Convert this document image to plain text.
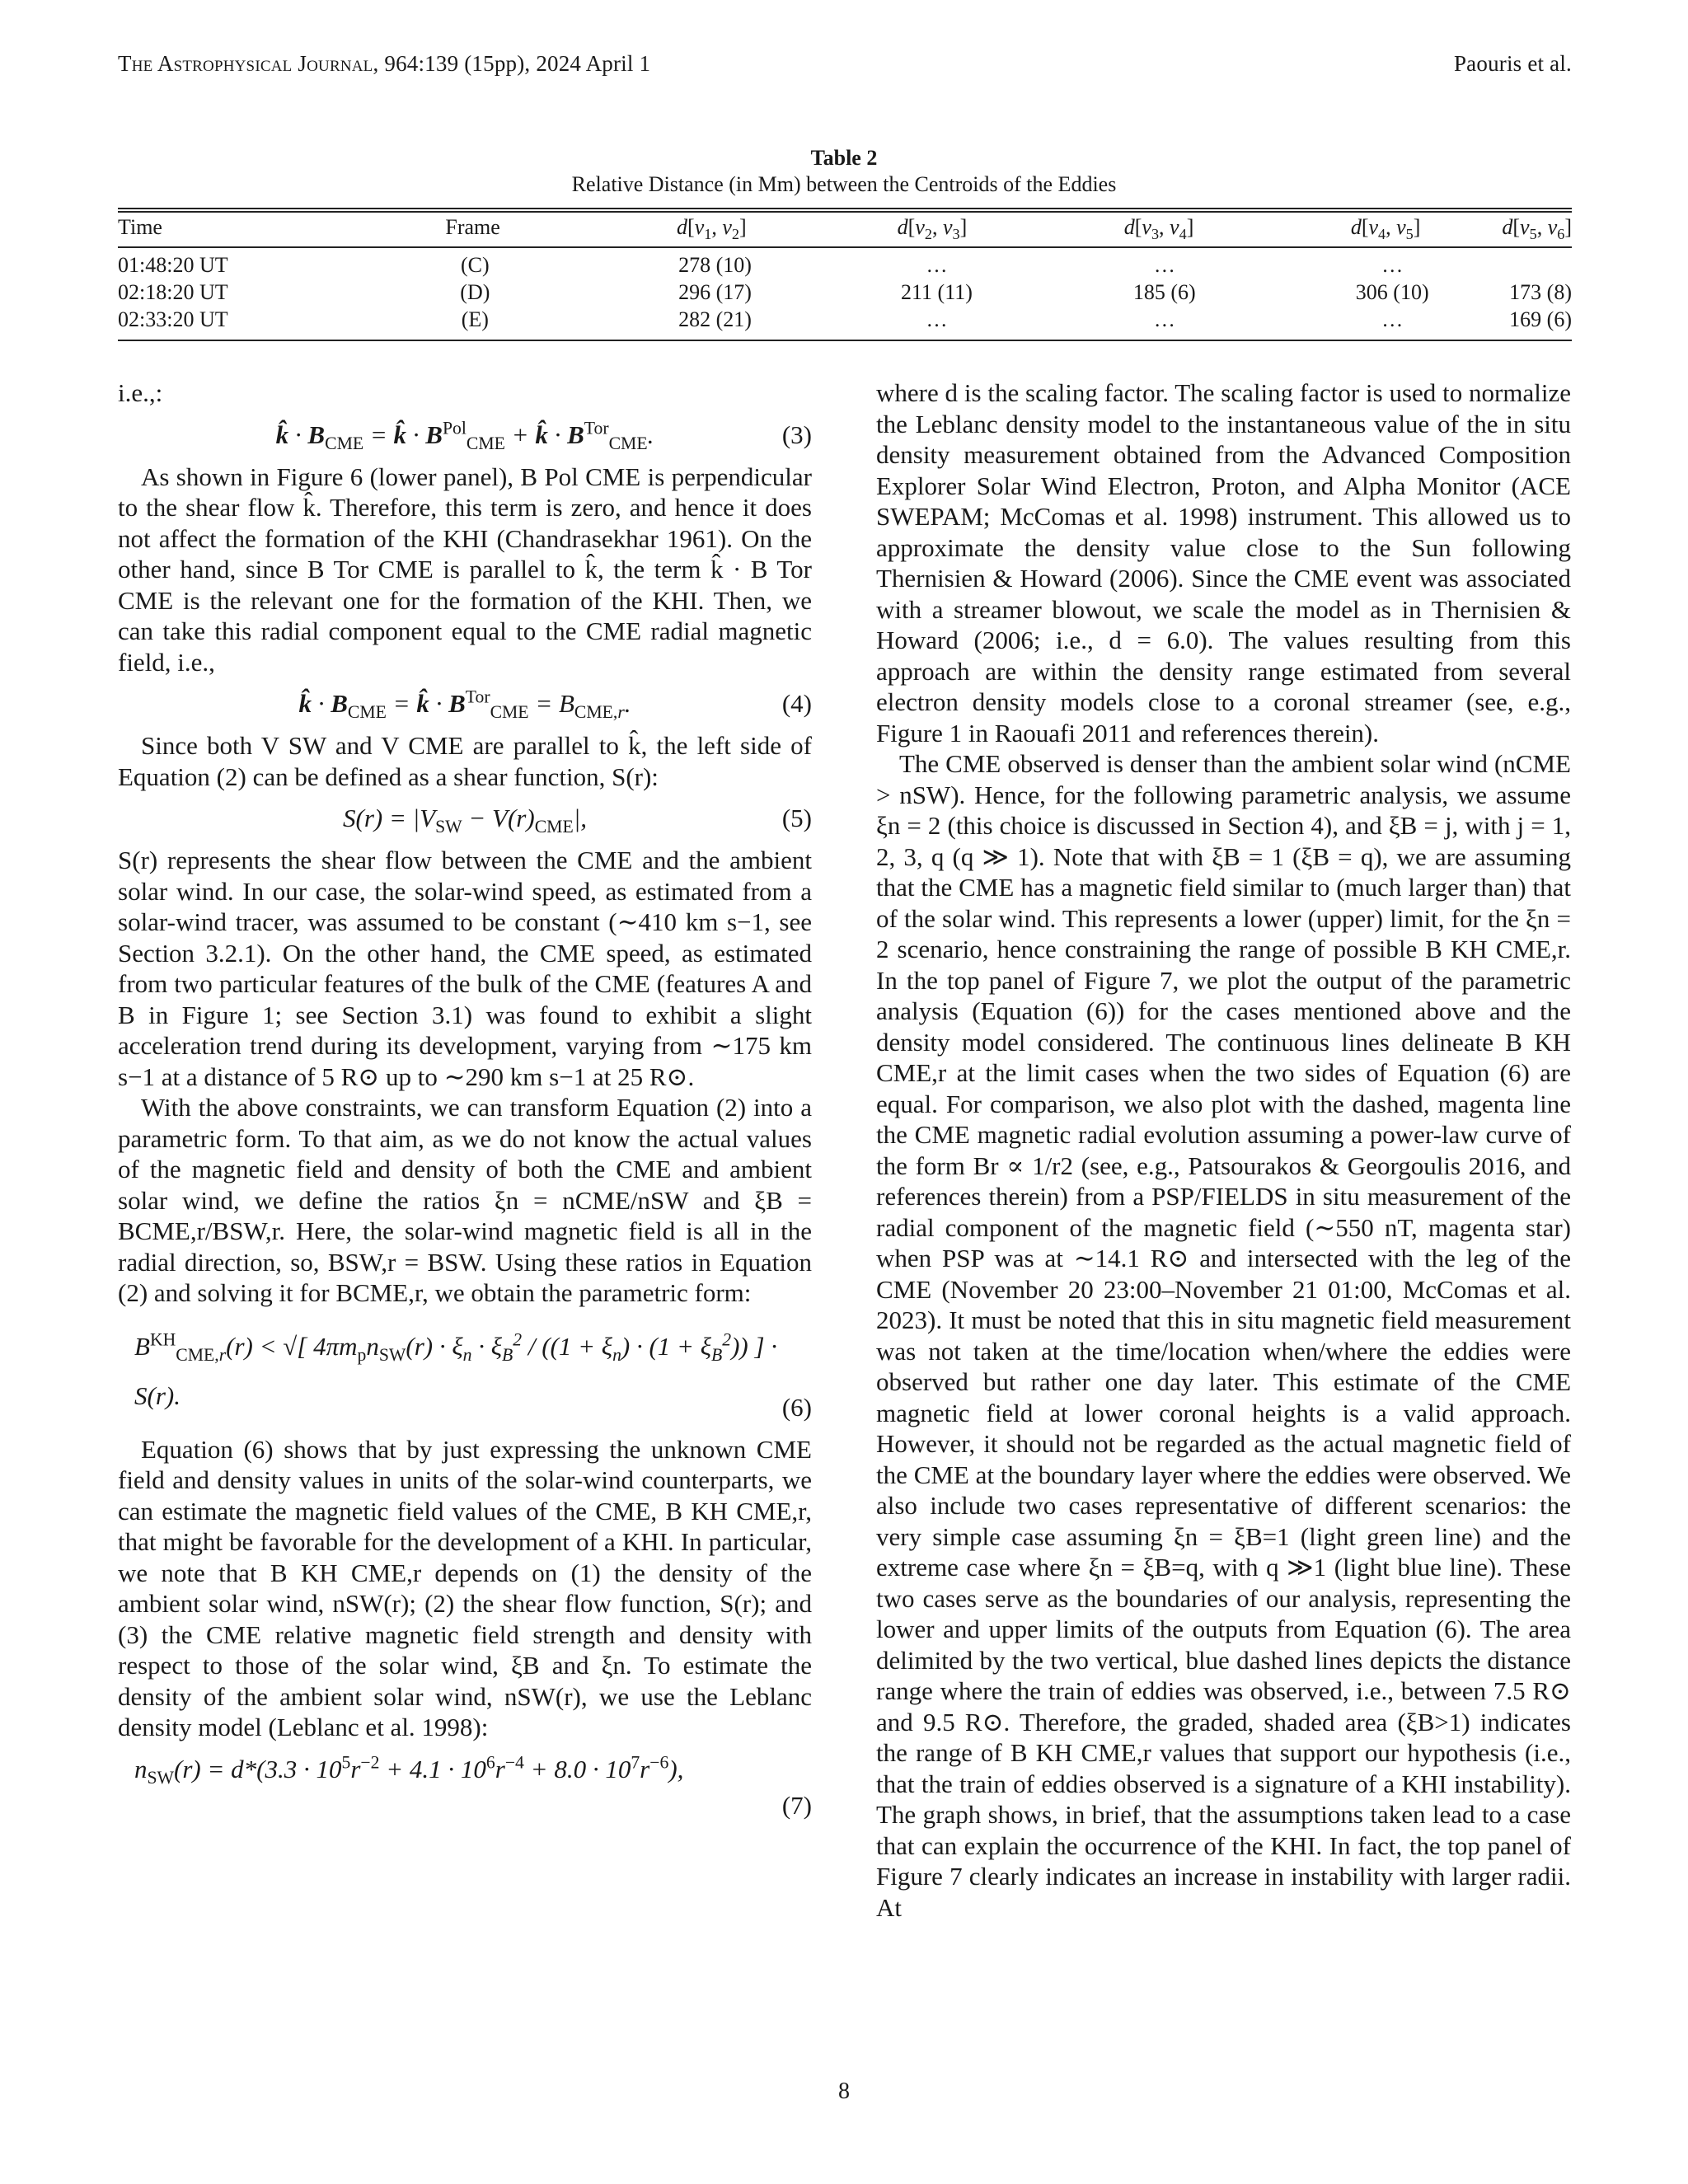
The Astrophysical Journal, 964:139 (15pp), 2024 April 1	Paouris et al.
Table 2
Relative Distance (in Mm) between the Centroids of the Eddies
Time	Frame	$d[v_1$, $v_2$]	$d[v_2$, $v_3$]	$d[v_3$, $v_4$]	$d[v_4$, $v_5$]	$d[v_5$, $v_6$]
01:48:20 UT	(C)	278 (10)	…	…	…	
02:18:20 UT	(D)	296 (17)	211 (11)	185 (6)	306 (10)	173 (8)
02:33:20 UT	(E)	282 (21)	…	…	…	169 (6)

i.e.,:

k̂ · $B_{CME}$ = k̂ · $B^{Pol}_{CME}$ + k̂ · $B^{Tor}_{CME}$.	(3)

As shown in Figure 6 (lower panel), B Pol CME is perpendicular to the shear flow k̂. Therefore, this term is zero, and hence it does not affect the formation of the KHI (Chandrasekhar 1961). On the other hand, since B Tor CME is parallel to k̂, the term k̂ · B Tor CME is the relevant one for the formation of the KHI. Then, we can take this radial component equal to the CME radial magnetic field, i.e.,

k̂ · $B_{CME}$ = k̂ · $B^{Tor}_{CME} = B_{CME,r}$.	(4)

Since both V SW and V CME are parallel to k̂, the left side of Equation (2) can be defined as a shear function, S(r):

$S(r) = |V_{SW} - V(r)_{CME}|$,	(5)

S(r) represents the shear flow between the CME and the ambient solar wind. In our case, the solar-wind speed, as estimated from a solar-wind tracer, was assumed to be constant (∼410 km s−1, see Section 3.2.1). On the other hand, the CME speed, as estimated from two particular features of the bulk of the CME (features A and B in Figure 1; see Section 3.1) was found to exhibit a slight acceleration trend during its development, varying from ∼175 km s−1 at a distance of 5 R⊙ up to ∼290 km s−1 at 25 R⊙.

With the above constraints, we can transform Equation (2) into a parametric form. To that aim, as we do not know the actual values of the magnetic field and density of both the CME and ambient solar wind, we define the ratios ξn = nCME/nSW and ξB = BCME,r/BSW,r. Here, the solar-wind magnetic field is all in the radial direction, so, BSW,r = BSW. Using these ratios in Equation (2) and solving it for BCME,r, we obtain the parametric form:

$B^{KH}_{CME,r}(r)$ < √[ $4\pi m_pn_{SW}(r) \cdot \xi_n \cdot \xi_B^2 / ((1 + \xi_n) \cdot (1 + \xi_B^2))$ ] · S(r).	(6)

Equation (6) shows that by just expressing the unknown CME field and density values in units of the solar-wind counterparts, we can estimate the magnetic field values of the CME, B KH CME,r, that might be favorable for the development of a KHI. In particular, we note that B KH CME,r depends on (1) the density of the ambient solar wind, nSW(r); (2) the shear flow function, S(r); and (3) the CME relative magnetic field strength and density with respect to those of the solar wind, ξB and ξn. To estimate the density of the ambient solar wind, nSW(r), we use the Leblanc density model (Leblanc et al. 1998):

$n_{SW}(r) = d*(3.3 \cdot 10^5r^{-2} + 4.1 \cdot 10^6r^{-4} + 8.0 \cdot 10^7r^{-6})$,
(7)

where d is the scaling factor. The scaling factor is used to normalize the Leblanc density model to the instantaneous value of the in situ density measurement obtained from the Advanced Composition Explorer Solar Wind Electron, Proton, and Alpha Monitor (ACE SWEPAM; McComas et al. 1998) instrument. This allowed us to approximate the density value close to the Sun following Thernisien & Howard (2006). Since the CME event was associated with a streamer blowout, we scale the model as in Thernisien & Howard (2006; i.e., d = 6.0). The values resulting from this approach are within the density range estimated from several electron density models close to a coronal streamer (see, e.g., Figure 1 in Raouafi 2011 and references therein).

The CME observed is denser than the ambient solar wind (nCME > nSW). Hence, for the following parametric analysis, we assume ξn = 2 (this choice is discussed in Section 4), and ξB = j, with j = 1, 2, 3, q (q ≫ 1). Note that with ξB = 1 (ξB = q), we are assuming that the CME has a magnetic field similar to (much larger than) that of the solar wind. This represents a lower (upper) limit, for the ξn = 2 scenario, hence constraining the range of possible B KH CME,r. In the top panel of Figure 7, we plot the output of the parametric analysis (Equation (6)) for the cases mentioned above and the density model considered. The continuous lines delineate B KH CME,r at the limit cases when the two sides of Equation (6) are equal. For comparison, we also plot with the dashed, magenta line the CME magnetic radial evolution assuming a power-law curve of the form Br ∝ 1/r2 (see, e.g., Patsourakos & Georgoulis 2016, and references therein) from a PSP/FIELDS in situ measurement of the radial component of the magnetic field (∼550 nT, magenta star) when PSP was at ∼14.1 R⊙ and intersected with the leg of the CME (November 20 23:00–November 21 01:00, McComas et al. 2023). It must be noted that this in situ magnetic field measurement was not taken at the time/location when/where the eddies were observed but rather one day later. This estimate of the CME magnetic field at lower coronal heights is a valid approach. However, it should not be regarded as the actual magnetic field of the CME at the boundary layer where the eddies were observed. We also include two cases representative of different scenarios: the very simple case assuming ξn = ξB=1 (light green line) and the extreme case where ξn = ξB=q, with q ≫1 (light blue line). These two cases serve as the boundaries of our analysis, representing the lower and upper limits of the outputs from Equation (6). The area delimited by the two vertical, blue dashed lines depicts the distance range where the train of eddies was observed, i.e., between 7.5 R⊙ and 9.5 R⊙. Therefore, the graded, shaded area (ξB>1) indicates the range of B KH CME,r values that support our hypothesis (i.e., that the train of eddies observed is a signature of a KHI instability). The graph shows, in brief, that the assumptions taken lead to a case that can explain the occurrence of the KHI. In fact, the top panel of Figure 7 clearly indicates an increase in instability with larger radii. At

8
